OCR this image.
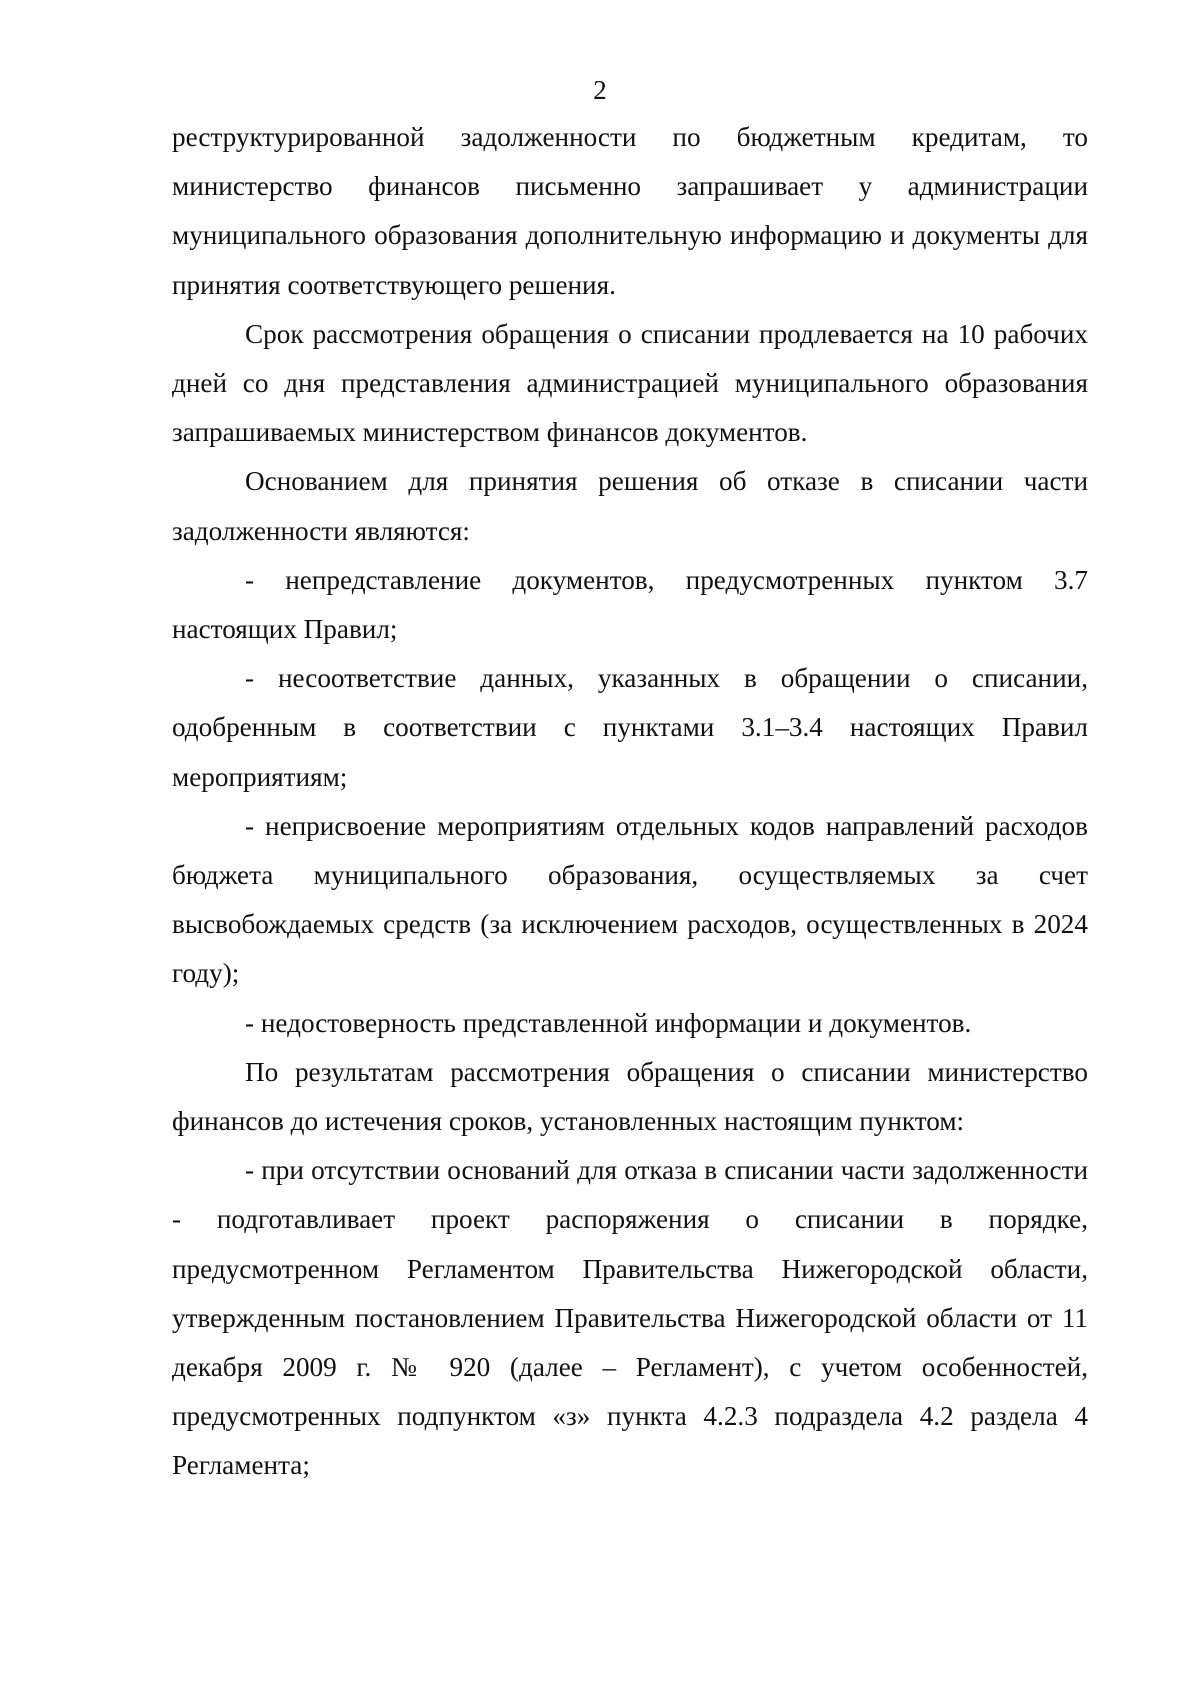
2

реструктурированной задолженности по бюджетным кредитам, то министерство финансов письменно запрашивает у администрации муниципального образования дополнительную информацию и документы для принятия соответствующего решения.

Срок рассмотрения обращения о списании продлевается на 10 рабочих дней со дня представления администрацией муниципального образования запрашиваемых министерством финансов документов.

Основанием для принятия решения об отказе в списании части задолженности являются:

- непредставление документов, предусмотренных пунктом 3.7 настоящих Правил;

- несоответствие данных, указанных в обращении о списании, одобренным в соответствии с пунктами 3.1–3.4 настоящих Правил мероприятиям;

- неприсвоение мероприятиям отдельных кодов направлений расходов бюджета муниципального образования, осуществляемых за счет высвобождаемых средств (за исключением расходов, осуществленных в 2024 году);

- недостоверность представленной информации и документов.

По результатам рассмотрения обращения о списании министерство финансов до истечения сроков, установленных настоящим пунктом:

- при отсутствии оснований для отказа в списании части задолженности - подготавливает проект распоряжения о списании в порядке, предусмотренном Регламентом Правительства Нижегородской области, утвержденным постановлением Правительства Нижегородской области от 11 декабря 2009 г. № 920 (далее – Регламент), с учетом особенностей, предусмотренных подпунктом «з» пункта 4.2.3 подраздела 4.2 раздела 4 Регламента;
